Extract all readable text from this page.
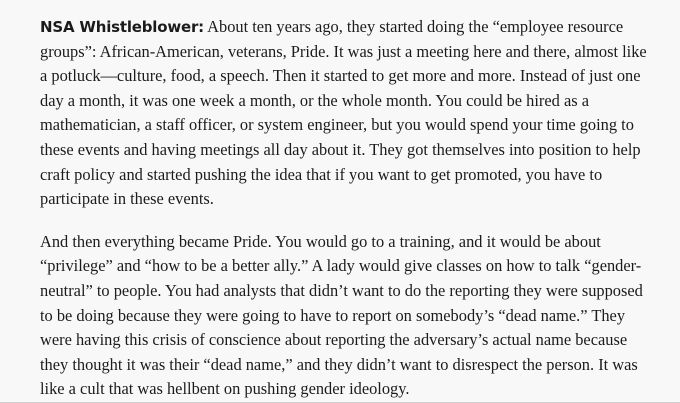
NSA Whistleblower: About ten years ago, they started doing the “employee resource groups”: African-American, veterans, Pride. It was just a meeting here and there, almost like a potluck—culture, food, a speech. Then it started to get more and more. Instead of just one day a month, it was one week a month, or the whole month. You could be hired as a mathematician, a staff officer, or system engineer, but you would spend your time going to these events and having meetings all day about it. They got themselves into position to help craft policy and started pushing the idea that if you want to get promoted, you have to participate in these events.

And then everything became Pride. You would go to a training, and it would be about “privilege” and “how to be a better ally.” A lady would give classes on how to talk “gender-neutral” to people. You had analysts that didn’t want to do the reporting they were supposed to be doing because they were going to have to report on somebody’s “dead name.” They were having this crisis of conscience about reporting the adversary’s actual name because they thought it was their “dead name,” and they didn’t want to disrespect the person. It was like a cult that was hellbent on pushing gender ideology.
